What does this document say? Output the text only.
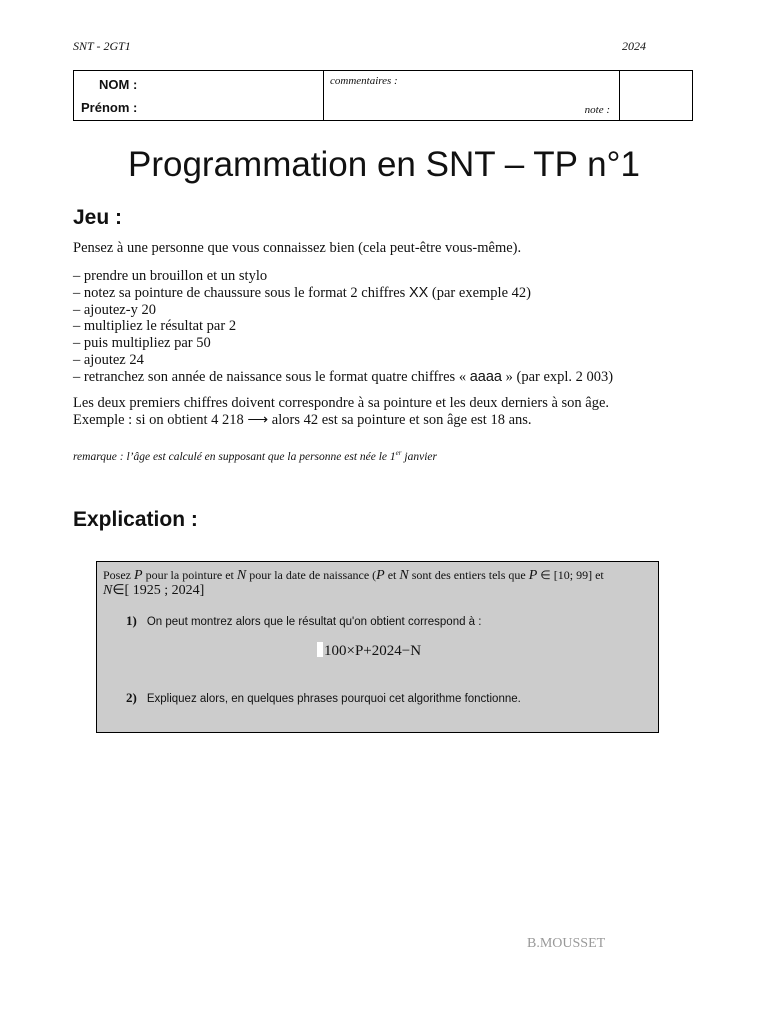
SNT - 2GT1	2024
NOM :
Prénom :
commentaires :
note :
Programmation en SNT – TP n°1
Jeu :
Pensez à une personne que vous connaissez bien (cela peut-être vous-même).
– prendre un brouillon et un stylo
– notez sa pointure de chaussure sous le format 2 chiffres XX (par exemple 42)
– ajoutez-y 20
– multipliez le résultat par 2
– puis multipliez par 50
– ajoutez 24
– retranchez son année de naissance sous le format quatre chiffres « aaaa » (par expl. 2 003)
Les deux premiers chiffres doivent correspondre à sa pointure et les deux derniers à son âge.
Exemple : si on obtient 4 218 ⟶ alors 42 est sa pointure et son âge est 18 ans.
remarque : l’âge est calculé en supposant que la personne est née le 1er janvier
Explication :
Posez P pour la pointure et N pour la date de naissance (P et N sont des entiers tels que P ∈ [10; 99] et
N∈[ 1925 ; 2024]
1) On peut montrez alors que le résultat qu'on obtient correspond à :
100×P+2024−N
2) Expliquez alors, en quelques phrases pourquoi cet algorithme fonctionne.
B.MOUSSET
